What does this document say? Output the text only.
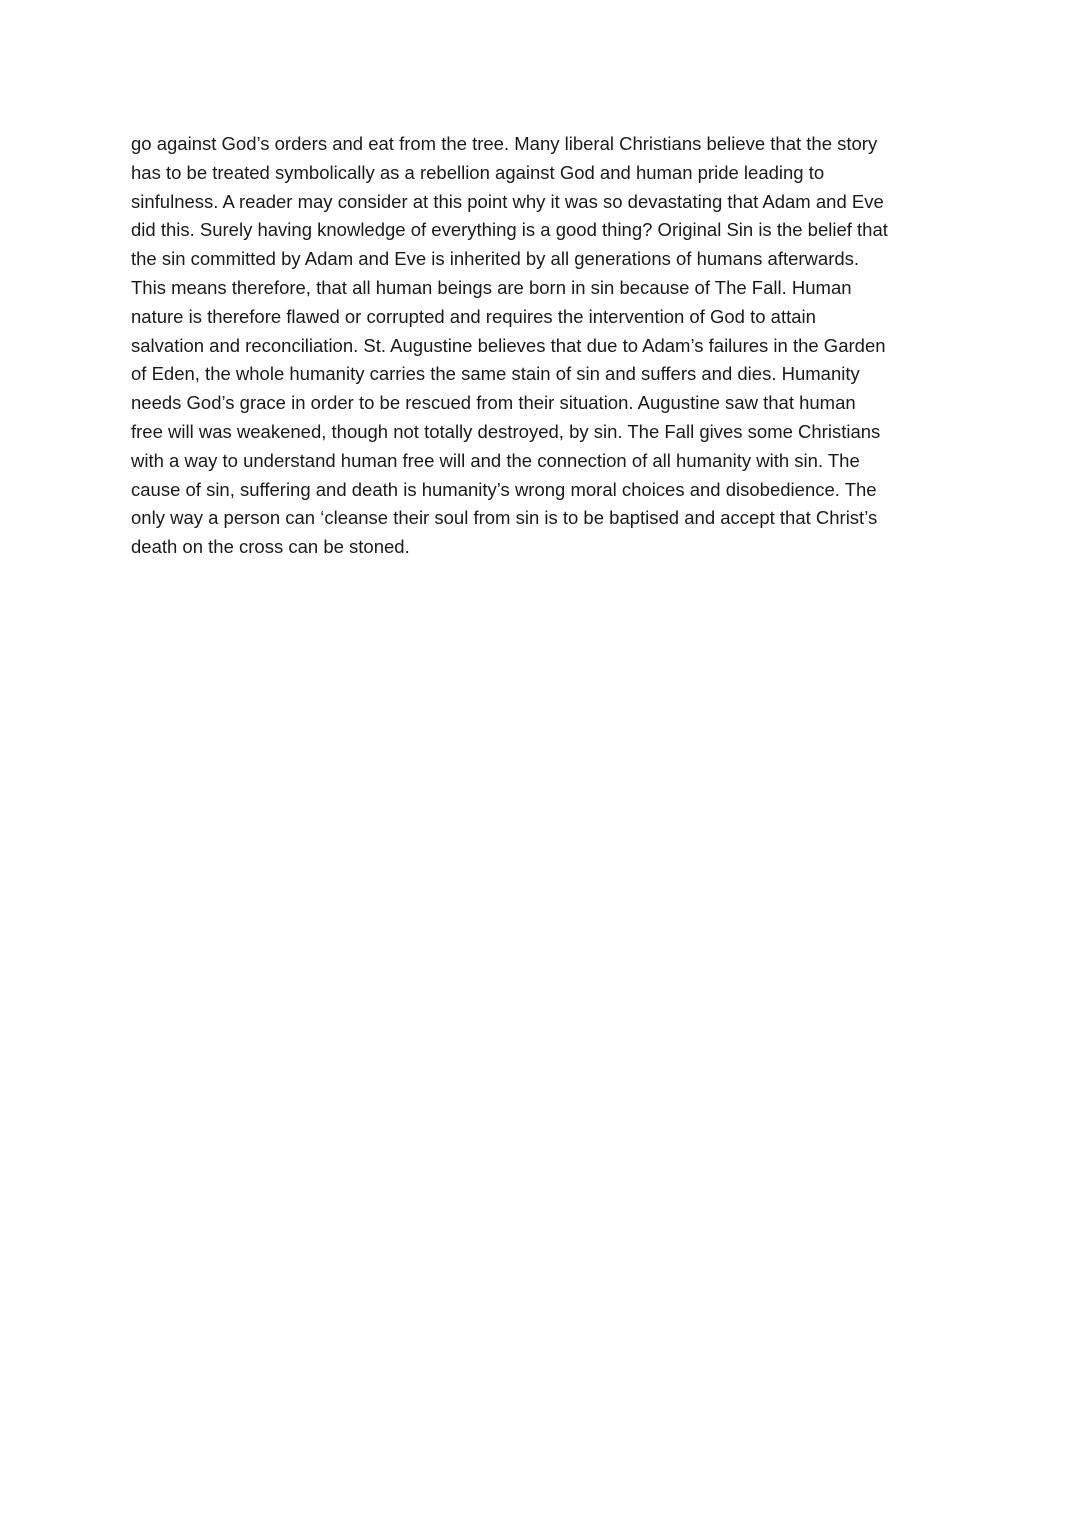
go against God’s orders and eat from the tree. Many liberal Christians believe that the story
has to be treated symbolically as a rebellion against God and human pride leading to
sinfulness. A reader may consider at this point why it was so devastating that Adam and Eve
did this. Surely having knowledge of everything is a good thing? Original Sin is the belief that
the sin committed by Adam and Eve is inherited by all generations of humans afterwards.
This means therefore, that all human beings are born in sin because of The Fall. Human
nature is therefore flawed or corrupted and requires the intervention of God to attain
salvation and reconciliation. St. Augustine believes that due to Adam’s failures in the Garden
of Eden, the whole humanity carries the same stain of sin and suffers and dies. Humanity
needs God’s grace in order to be rescued from their situation. Augustine saw that human
free will was weakened, though not totally destroyed, by sin. The Fall gives some Christians
with a way to understand human free will and the connection of all humanity with sin. The
cause of sin, suffering and death is humanity’s wrong moral choices and disobedience. The
only way a person can ‘cleanse their soul from sin is to be baptised and accept that Christ’s
death on the cross can be stoned.
